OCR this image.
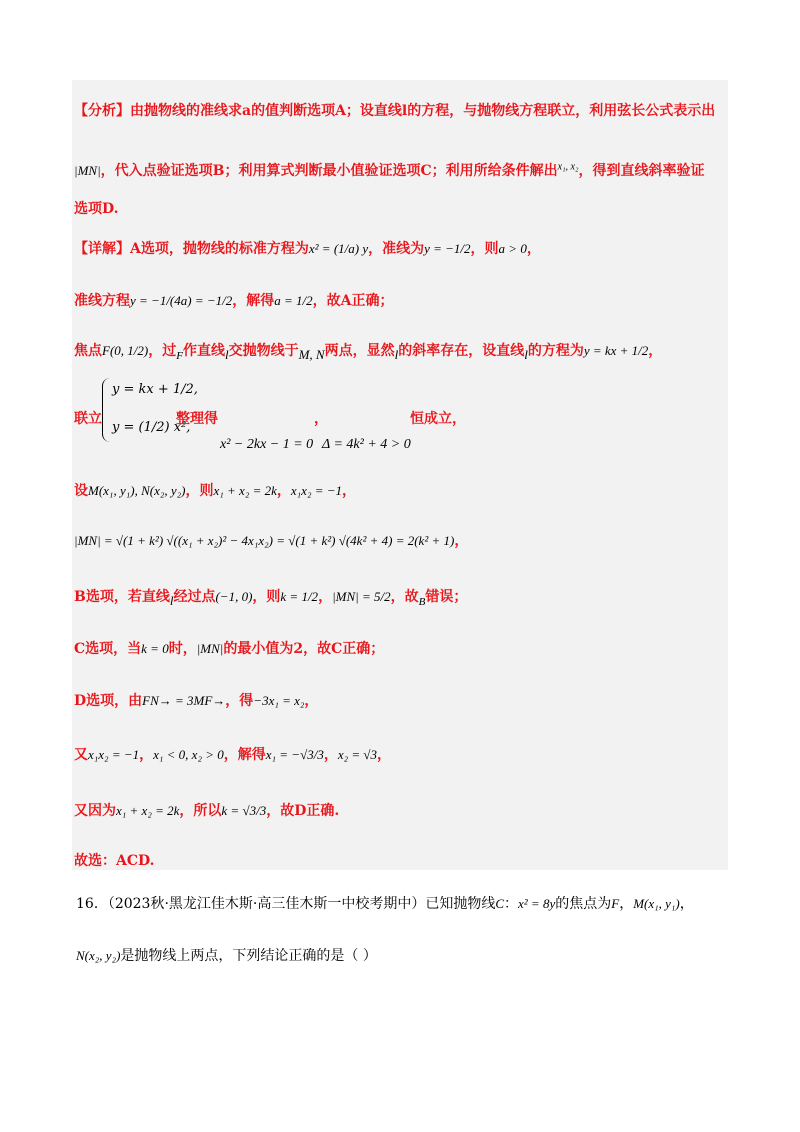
【分析】由抛物线的准线求a的值判断选项A；设直线l的方程，与抛物线方程联立，利用弦长公式表示出
|MN|，代入点验证选项B；利用算式判断最小值验证选项C；利用所给条件解出$^{x_1, x_2}$，得到直线斜率验证
选项D.
【详解】A选项，抛物线的标准方程为x² = (1/a) y，准线为y = −1/2，则a > 0，
准线方程y = −1/(4a) = −1/2，解得a = 1/2，故A正确；
焦点F(0, 1/2)，过$_F$作直线l交抛物线于M, N两点，显然l的斜率存在，设直线l的方程为y = kx + 1/2，
y = kx + 1/2,
y = (1/2) x²,
联立	整理得	，	恒成立，
x² − 2kx − 1 = 0 Δ = 4k² + 4 > 0
设M(x₁, y₁), N(x₂, y₂)，则x₁ + x₂ = 2k，x₁x₂ = −1，
|MN| = √(1 + k²) √((x₁ + x₂)² − 4x₁x₂) = √(1 + k²) √(4k² + 4) = 2(k² + 1)，
B选项，若直线l经过点(−1, 0)，则k = 1/2，|MN| = 5/2，故$_B$错误；
C选项，当k = 0时，|MN|的最小值为2，故C正确；
D选项，由FN→ = 3MF→，得−3x₁ = x₂，
又x₁x₂ = −1，x₁ < 0, x₂ > 0，解得x₁ = −√3/3，x₂ = √3，
又因为x₁ + x₂ = 2k，所以k = √3/3，故D正确.
故选：ACD.
16．（2023秋·黑龙江佳木斯·高三佳木斯一中校考期中）已知抛物线C：x² = 8y的焦点为F，M(x₁, y₁)，
N(x₂, y₂)是抛物线上两点，下列结论正确的是（ ）
